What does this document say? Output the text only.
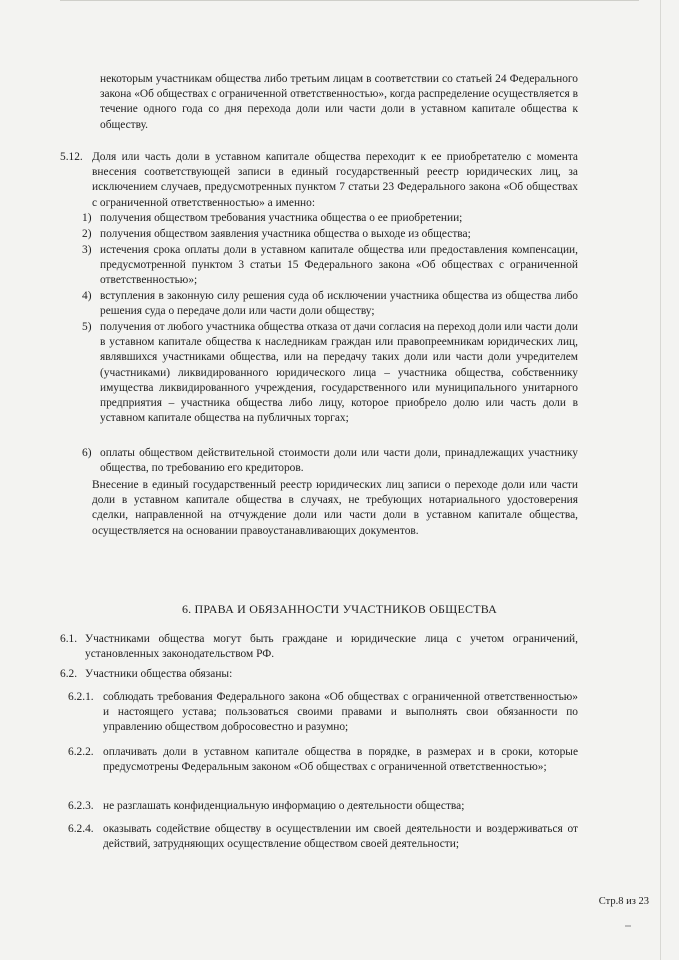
некоторым участникам общества либо третьим лицам в соответствии со статьей 24 Федерального закона «Об обществах с ограниченной ответственностью», когда распределение осуществляется в течение одного года со дня перехода доли или части доли в уставном капитале общества к обществу.
5.12. Доля или часть доли в уставном капитале общества переходит к ее приобретателю с момента внесения соответствующей записи в единый государственный реестр юридических лиц, за исключением случаев, предусмотренных пунктом 7 статьи 23 Федерального закона «Об обществах с ограниченной ответственностью» а именно:
1) получения обществом требования участника общества о ее приобретении;
2) получения обществом заявления участника общества о выходе из общества;
3) истечения срока оплаты доли в уставном капитале общества или предоставления компенсации, предусмотренной пунктом 3 статьи 15 Федерального закона «Об обществах с ограниченной ответственностью»;
4) вступления в законную силу решения суда об исключении участника общества из общества либо решения суда о передаче доли или части доли обществу;
5) получения от любого участника общества отказа от дачи согласия на переход доли или части доли в уставном капитале общества к наследникам граждан или правопреемникам юридических лиц, являвшихся участниками общества, или на передачу таких доли или части доли учредителем (участниками) ликвидированного юридического лица – участника общества, собственнику имущества ликвидированного учреждения, государственного или муниципального унитарного предприятия – участника общества либо лицу, которое приобрело долю или часть доли в уставном капитале общества на публичных торгах;
6) оплаты обществом действительной стоимости доли или части доли, принадлежащих участнику общества, по требованию его кредиторов.
Внесение в единый государственный реестр юридических лиц записи о переходе доли или части доли в уставном капитале общества в случаях, не требующих нотариального удостоверения сделки, направленной на отчуждение доли или части доли в уставном капитале общества, осуществляется на основании правоустанавливающих документов.
6. ПРАВА И ОБЯЗАННОСТИ УЧАСТНИКОВ ОБЩЕСТВА
6.1. Участниками общества могут быть граждане и юридические лица с учетом ограничений, установленных законодательством РФ.
6.2. Участники общества обязаны:
6.2.1. соблюдать требования Федерального закона «Об обществах с ограниченной ответственностью» и настоящего устава; пользоваться своими правами и выполнять свои обязанности по управлению обществом добросовестно и разумно;
6.2.2. оплачивать доли в уставном капитале общества в порядке, в размерах и в сроки, которые предусмотрены Федеральным законом «Об обществах с ограниченной ответственностью»;
6.2.3. не разглашать конфиденциальную информацию о деятельности общества;
6.2.4. оказывать содействие обществу в осуществлении им своей деятельности и воздерживаться от действий, затрудняющих осуществление обществом своей деятельности;
Стр.8 из 23
